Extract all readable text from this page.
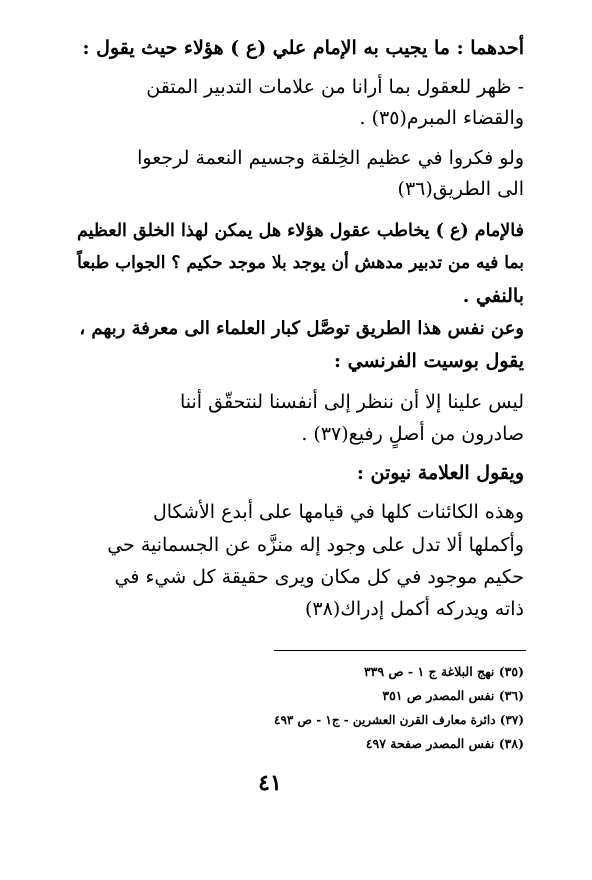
أحدهما : ما يجيب به الإمام علي (ع ) هؤلاء حيث يقول :
- ظهر للعقول بما أرانا من علامات التدبير المتقن
والقضاء المبرم(٣٥) .
ولو فكروا في عظيم الخِلقة وجسيم النعمة لرجعوا
الى الطريق(٣٦)
فالإمام (ع ) يخاطب عقول هؤلاء هل يمكن لهذا الخلق العظيم
بما فيه من تدبير مدهش أن يوجد بلا موجد حكيم ؟ الجواب طبعاً
بالنفي .
وعن نفس هذا الطريق توصَّل كبار العلماء الى معرفة ربهم ،
يقول بوسيت الفرنسي :
ليس علينا إلا أن ننظر إلى أنفسنا لنتحقّق أننا
صادرون من أصلٍ رفيع(٣٧) .
ويقول العلامة نيوتن :
وهذه الكائنات كلها في قيامها على أبدع الأشكال
وأكملها ألا تدل على وجود إله منزَّه عن الجسمانية حي
حكيم موجود في كل مكان ويرى حقيقة كل شيء في
ذاته ويدركه أكمل إدراك(٣٨)
(٣٥) نهج البلاغة ج ١ - ص ٣٣٩
(٣٦) نفس المصدر ص ٣٥١
(٣٧) دائرة معارف القرن العشرين - ج١ - ص ٤٩٣
(٣٨) نفس المصدر صفحة ٤٩٧
٤١
